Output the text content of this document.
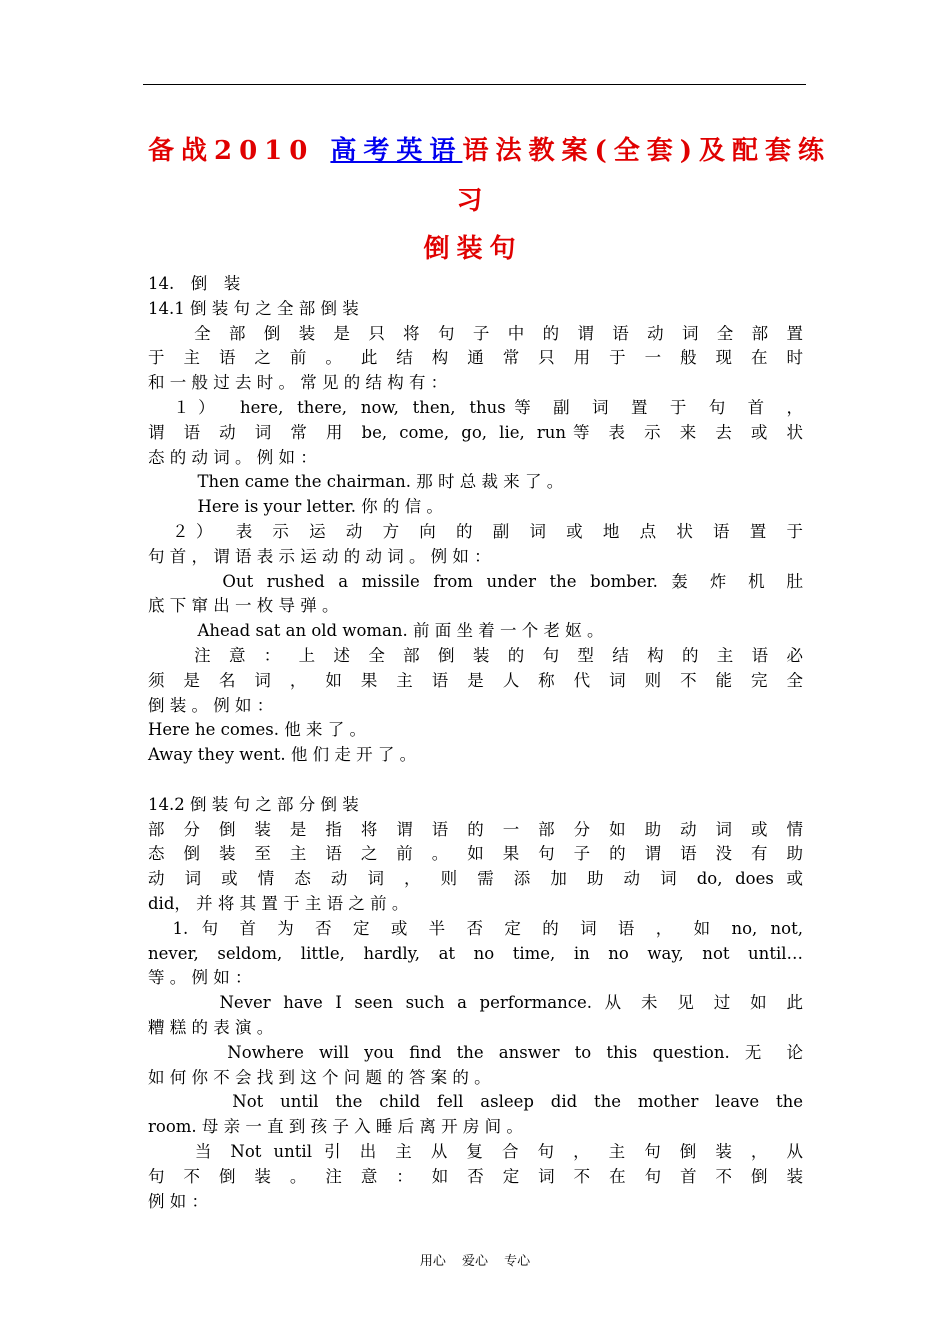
备战2010 高考英语语法教案(全套)及配套练
习
倒装句
14.　倒　装
14.1 倒 装 句 之 全 部 倒 装
　　全 部 倒 装 是 只 将 句 子 中 的 谓 语 动 词 全 部 置
于 主 语 之 前 。 此 结 构 通 常 只 用 于 一 般 现 在 时
和 一 般 过 去 时 。 常 见 的 结 构 有 ：
　１）　here, there, now, then, thus等 副 词 置 于 句 首 ，
谓 语 动 词 常 用 be, come, go, lie, run等 表 示 来 去 或 状
态 的 动 词 。 例 如 ：
　　　Then came the chairman. 那 时 总 裁 来 了 。
　　　Here is your letter. 你 的 信 。
　２）　表 示 运 动 方 向 的 副 词 或 地 点 状 语 置 于
句 首 ， 谓 语 表 示 运 动 的 动 词 。 例 如 ：
　　　Out rushed a missile from under the bomber. 轰 炸 机 肚
底 下 窜 出 一 枚 导 弹 。
　　　Ahead sat an old woman. 前 面 坐 着 一 个 老 妪 。
　　注 意 ： 上 述 全 部 倒 装 的 句 型 结 构 的 主 语 必
须 是 名 词 ， 如 果 主 语 是 人 称 代 词 则 不 能 完 全
倒 装 。 例 如 ：
Here he comes. 他 来 了 。
Away they went. 他 们 走 开 了 。
14.2 倒 装 句 之 部 分 倒 装
部 分 倒 装 是 指 将 谓 语 的 一 部 分 如 助 动 词 或 情
态 倒 装 至 主 语 之 前 。 如 果 句 子 的 谓 语 没 有 助
动 词 或 情 态 动 词 ， 则 需 添 加 助 动 词 do, does 或
did， 并 将 其 置 于 主 语 之 前 。
　1. 句 首 为 否 定 或 半 否 定 的 词 语 ， 如 no, not,
never, seldom, little, hardly, at no time, in no way, not until…
等 。 例 如 ：
　　　Never have I seen such a performance. 从 未 见 过 如 此
糟 糕 的 表 演 。
　　　Nowhere will you find the answer to this question. 无 论
如 何 你 不 会 找 到 这 个 问 题 的 答 案 的 。
　　　Not until the child fell asleep did the mother leave the
room. 母 亲 一 直 到 孩 子 入 睡 后 离 开 房 间 。
　　当 Not until 引 出 主 从 复 合 句 ， 主 句 倒 装 ， 从
句 不 倒 装 。 注 意 ： 如 否 定 词 不 在 句 首 不 倒 装
例 如 ：
用心 爱心 专心
